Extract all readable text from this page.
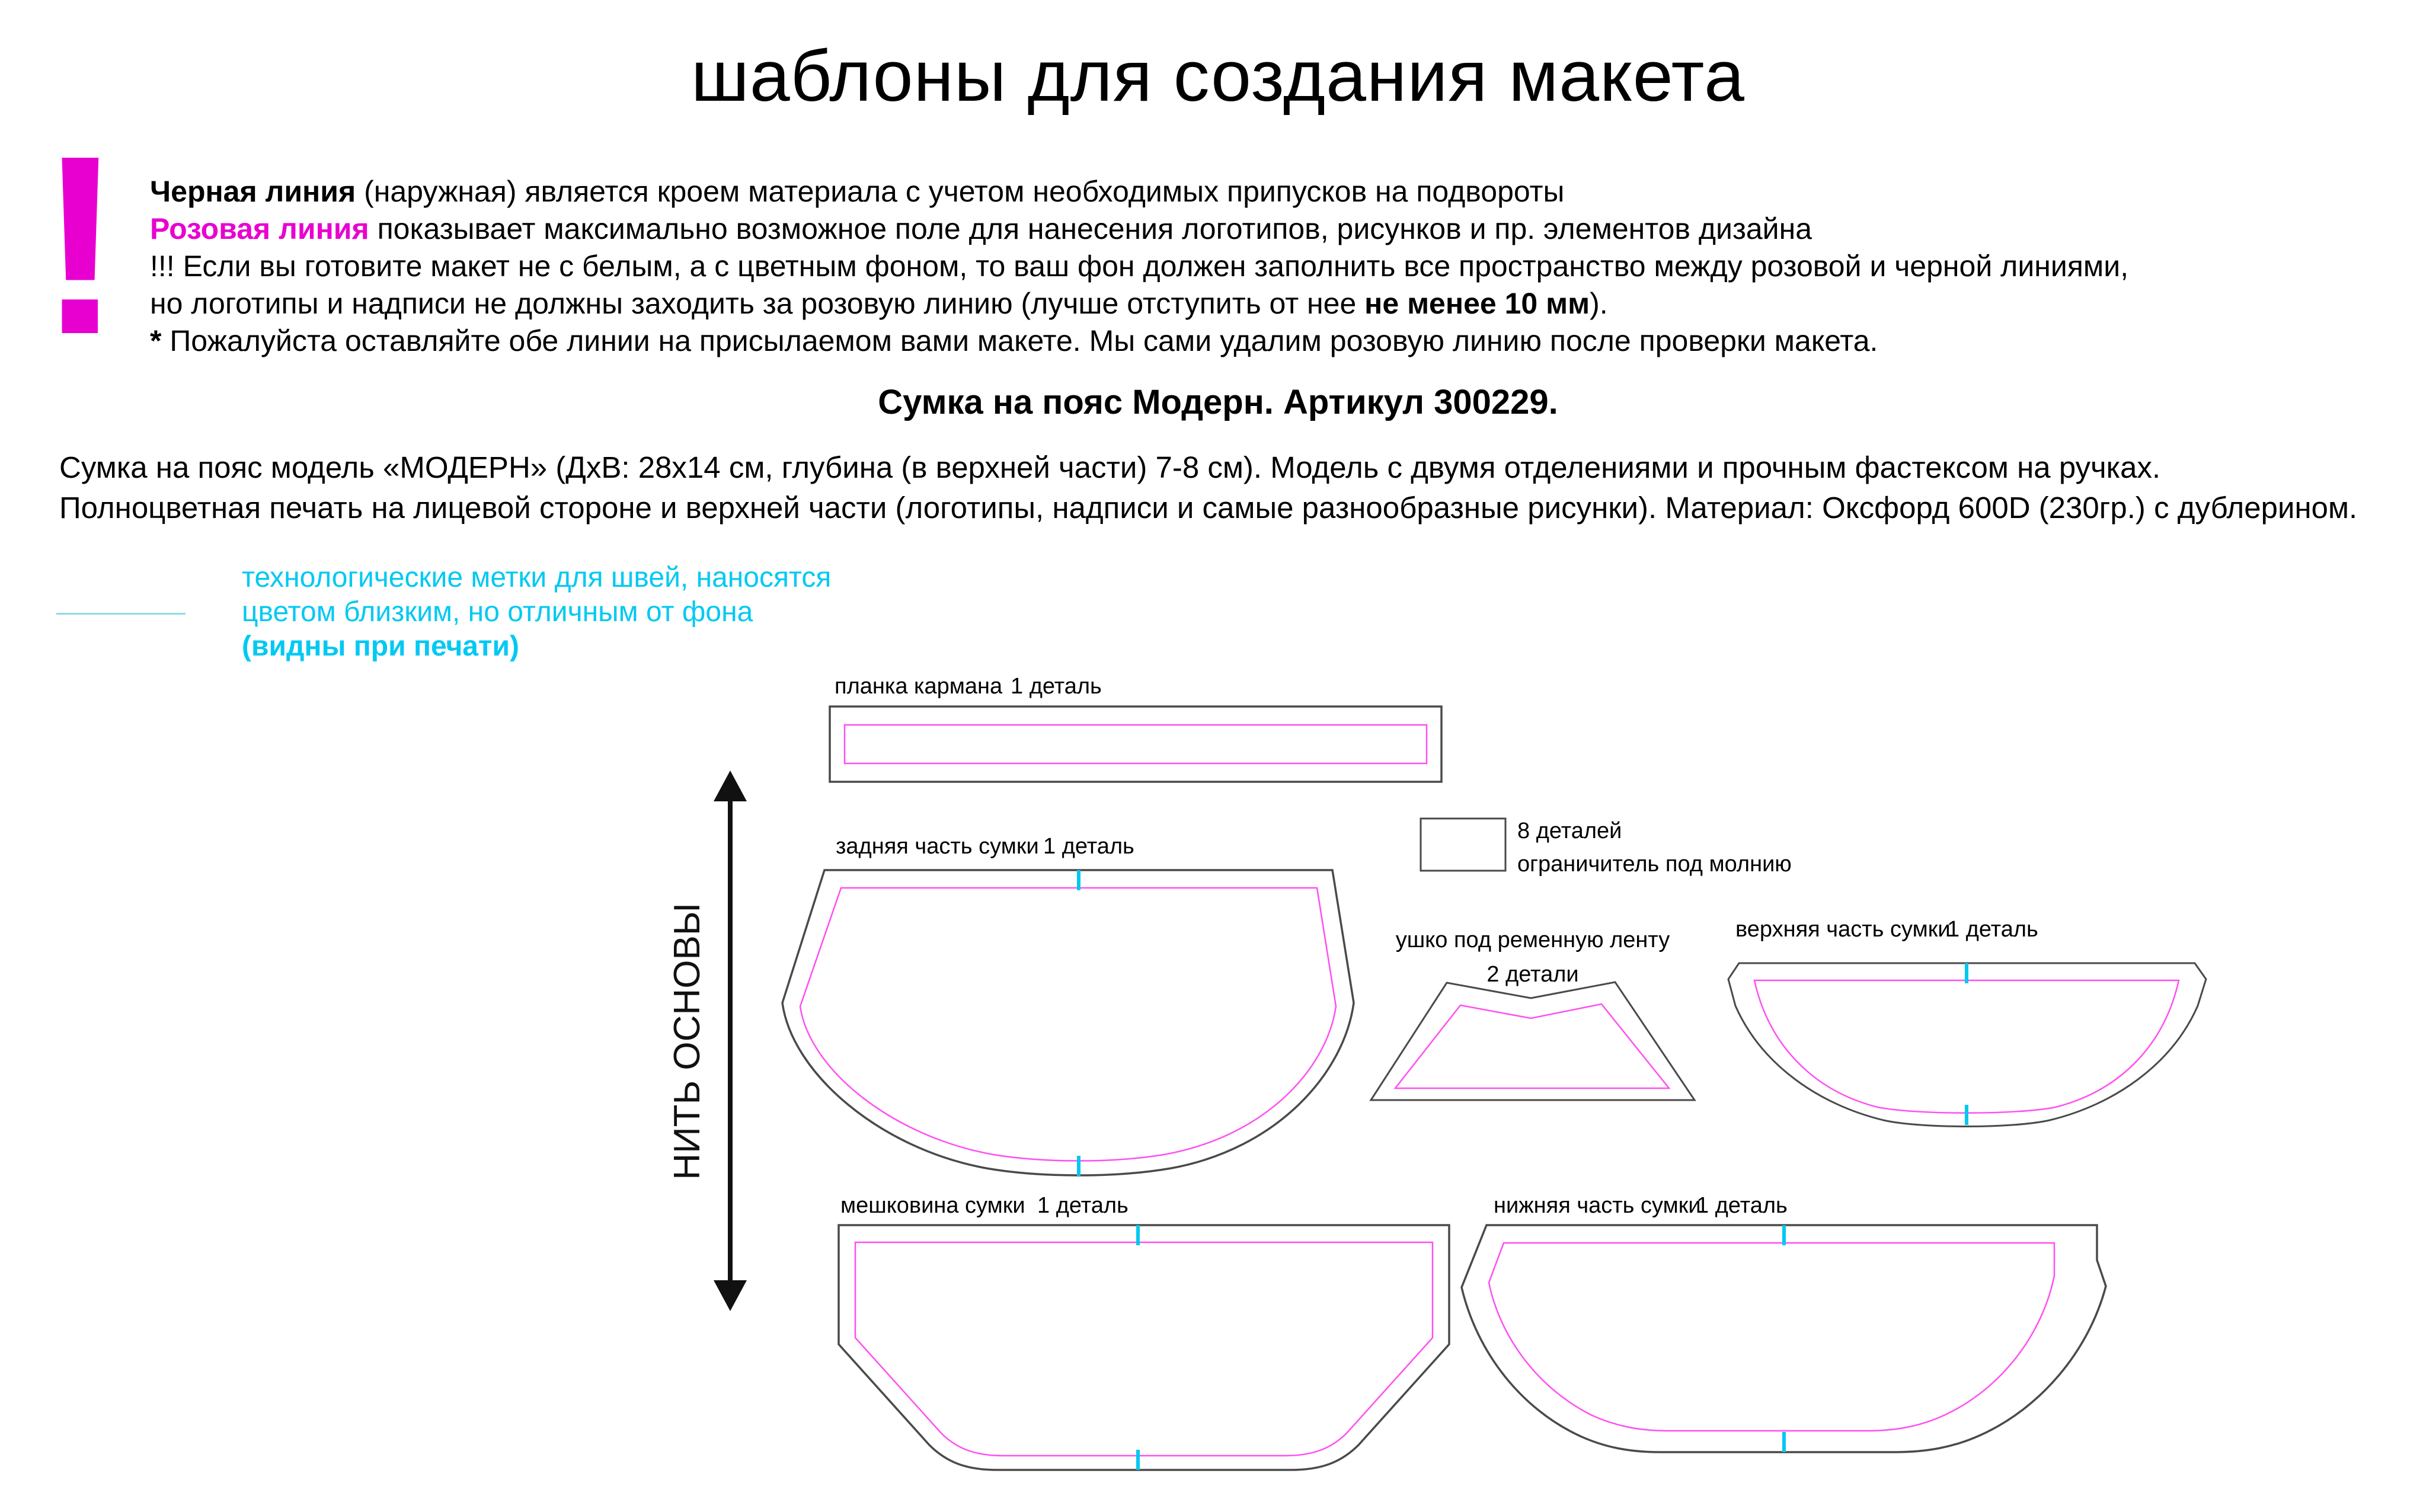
шаблоны для создания макета
! Черная линия (наружная) является кроем материала с учетом необходимых припусков на подвороты
Розовая линия показывает максимально возможное поле для нанесения логотипов, рисунков и пр. элементов дизайна
!!! Если вы готовите макет не с белым, а с цветным фоном, то ваш фон должен заполнить все пространство между розовой и черной линиями,
но логотипы и надписи не должны заходить за розовую линию (лучше отступить от нее не менее 10 мм).
* Пожалуйста оставляйте обе линии на присылаемом вами макете. Мы сами удалим розовую линию после проверки макета.
Сумка на пояс Модерн. Артикул 300229.
Сумка на пояс модель «МОДЕРН» (ДхВ: 28х14 см, глубина (в верхней части) 7-8 см). Модель с двумя отделениями и прочным фастексом на ручках.
Полноцветная печать на лицевой стороне и верхней части (логотипы, надписи и самые разнообразные рисунки). Материал: Оксфорд 600D (230гр.) с дублерином.
технологические метки для швей, наносятся
цветом близким, но отличным от фона
(видны при печати)
НИТЬ ОСНОВЫ
планка кармана 1 деталь
задняя часть сумки 1 деталь
8 деталей
ограничитель под молнию
ушко под ременную ленту
2 детали
верхняя часть сумки
1 деталь
мешковина сумки 1 деталь	нижняя часть сумки
1 деталь
